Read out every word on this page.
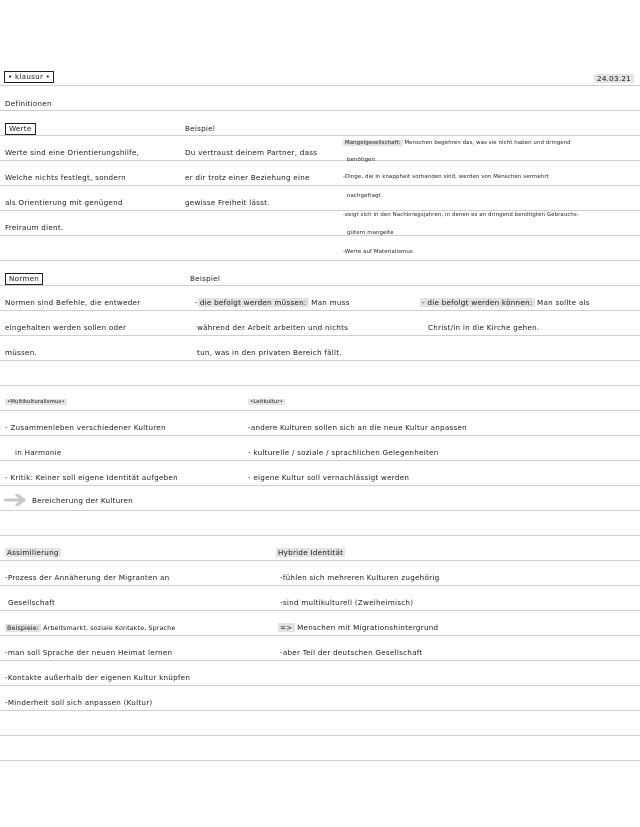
• klausur •	24.03.21
Definitionen
Werte
Werte sind eine Orientierungshilfe,
Welche nichts festlegt, sondern
als Orientierung mit genügend
Freiraum dient.
Beispiel
Du vertraust deinem Partner, dass
er dir trotz einer Beziehung eine
gewisse Freiheit lässt.
Mangelgesellschaft: Menschen begehren das, was sie nicht haben und dringend
benötigen
-Dinge, die in knappheit vorhanden sind, werden von Menschen vermehrt
nachgefragt
-zeigt sich in den Nachkriegsjahren, in denen es an dringend benötigten Gebrauchs-
gütern mangelte
-Werte auf Materialismus
Normen
Normen sind Befehle, die entweder
eingehalten werden sollen oder
müssen.
Beispiel
- die befolgt werden müssen: Man muss
während der Arbeit arbeiten und nichts
tun, was in den privaten Bereich fällt.
- die befolgt werden können: Man sollte als
Christ/in in die Kirche gehen.
•Multikulturalismus•
- Zusammenleben verschiedener Kulturen
in Harmonie
- Kritik: Keiner soll eigene Identität aufgeben
Bereicherung der Kulturen
•Leitkultur•
-andere Kulturen sollen sich an die neue Kultur anpassen
- kulturelle / soziale / sprachlichen Gelegenheiten
- eigene Kultur soll vernachlässigt werden
Assimilierung
-Prozess der Annäherung der Migranten an
Gesellschaft
Beispiele: Arbeitsmarkt, soziale Kontakte, Sprache
-man soll Sprache der neuen Heimat lernen
-Kontakte außerhalb der eigenen Kultur knüpfen
-Minderheit soll sich anpassen (Kultur)
Hybride Identität
-fühlen sich mehreren Kulturen zugehörig
-sind multikulturell (Zweiheimisch)
=> Menschen mit Migrationshintergrund
-aber Teil der deutschen Gesellschaft
